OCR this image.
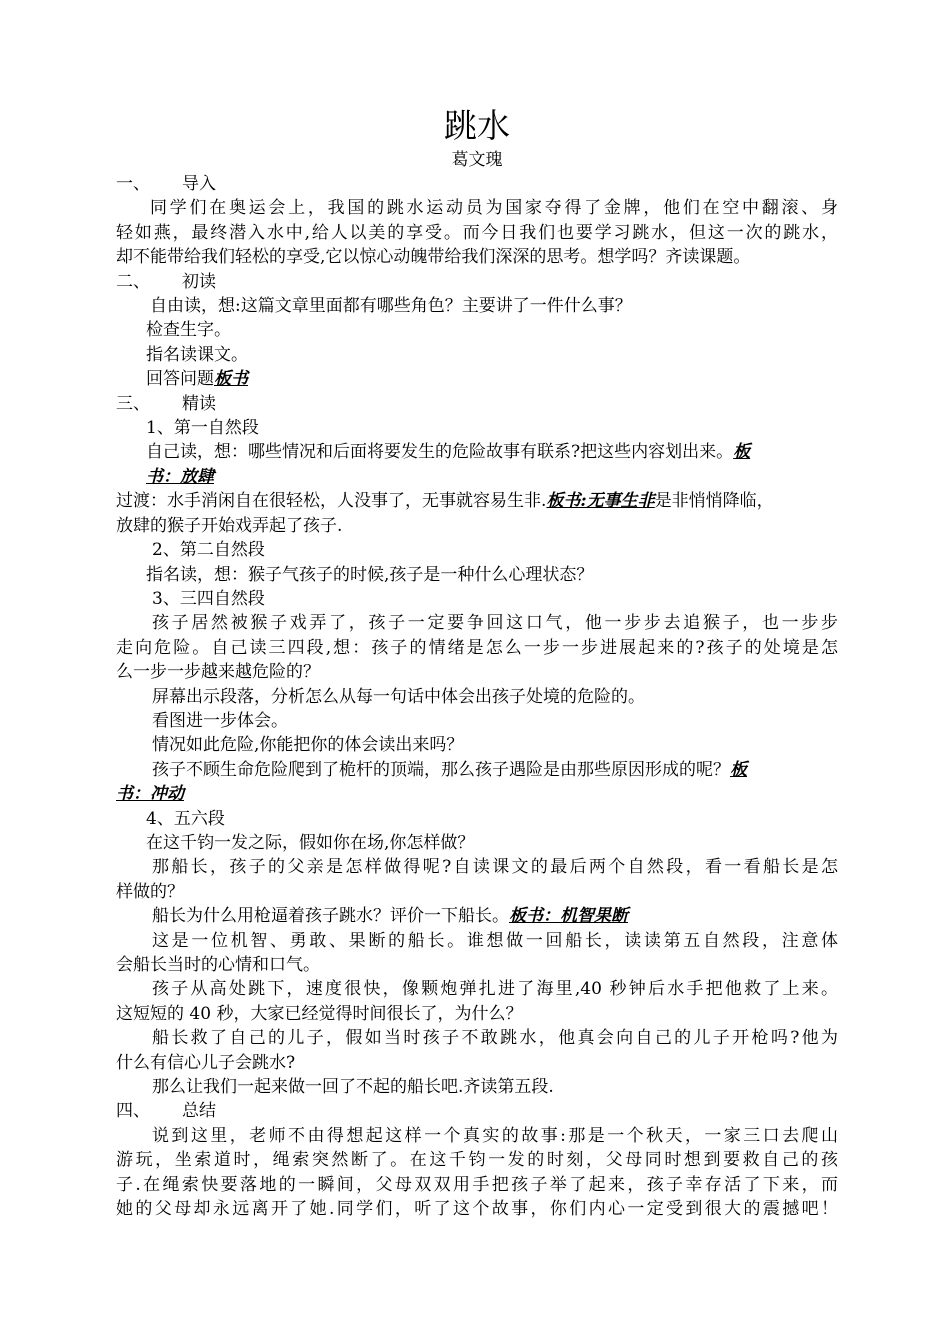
跳水
葛文瑰
一、	导入
同学们在奥运会上，我国的跳水运动员为国家夺得了金牌，他们在空中翻滚、身
轻如燕，最终潜入水中,给人以美的享受。而今日我们也要学习跳水，但这一次的跳水，
却不能带给我们轻松的享受,它以惊心动魄带给我们深深的思考。想学吗？齐读课题。
二、	初读
自由读，想:这篇文章里面都有哪些角色？主要讲了一件什么事？
检查生字。
指名读课文。
回答问题板书
三、	精读
1、第一自然段
自己读，想：哪些情况和后面将要发生的危险故事有联系?把这些内容划出来。板
书：放肆
过渡：水手消闲自在很轻松，人没事了，无事就容易生非.板书:无事生非是非悄悄降临，
放肆的猴子开始戏弄起了孩子.
2、第二自然段
指名读，想：猴子气孩子的时候,孩子是一种什么心理状态？
3、三四自然段
孩子居然被猴子戏弄了，孩子一定要争回这口气，他一步步去追猴子，也一步步
走向危险。自己读三四段,想：孩子的情绪是怎么一步一步进展起来的?孩子的处境是怎
么一步一步越来越危险的？
屏幕出示段落，分析怎么从每一句话中体会出孩子处境的危险的。
看图进一步体会。
情况如此危险,你能把你的体会读出来吗？
孩子不顾生命危险爬到了桅杆的顶端，那么孩子遇险是由那些原因形成的呢？板
书：冲动
4、五六段
在这千钧一发之际，假如你在场,你怎样做？
那船长，孩子的父亲是怎样做得呢?自读课文的最后两个自然段，看一看船长是怎
样做的？
船长为什么用枪逼着孩子跳水？评价一下船长。板书：机智果断
这是一位机智、勇敢、果断的船长。谁想做一回船长，读读第五自然段，注意体
会船长当时的心情和口气。
孩子从高处跳下，速度很快，像颗炮弹扎进了海里,40 秒钟后水手把他救了上来。
这短短的 40 秒，大家已经觉得时间很长了，为什么？
船长救了自己的儿子，假如当时孩子不敢跳水，他真会向自己的儿子开枪吗?他为
什么有信心儿子会跳水?
那么让我们一起来做一回了不起的船长吧.齐读第五段.
四、	总结
说到这里，老师不由得想起这样一个真实的故事:那是一个秋天，一家三口去爬山
游玩，坐索道时，绳索突然断了。在这千钧一发的时刻，父母同时想到要救自己的孩
子.在绳索快要落地的一瞬间，父母双双用手把孩子举了起来，孩子幸存活了下来，而
她的父母却永远离开了她.同学们，听了这个故事，你们内心一定受到很大的震撼吧！
